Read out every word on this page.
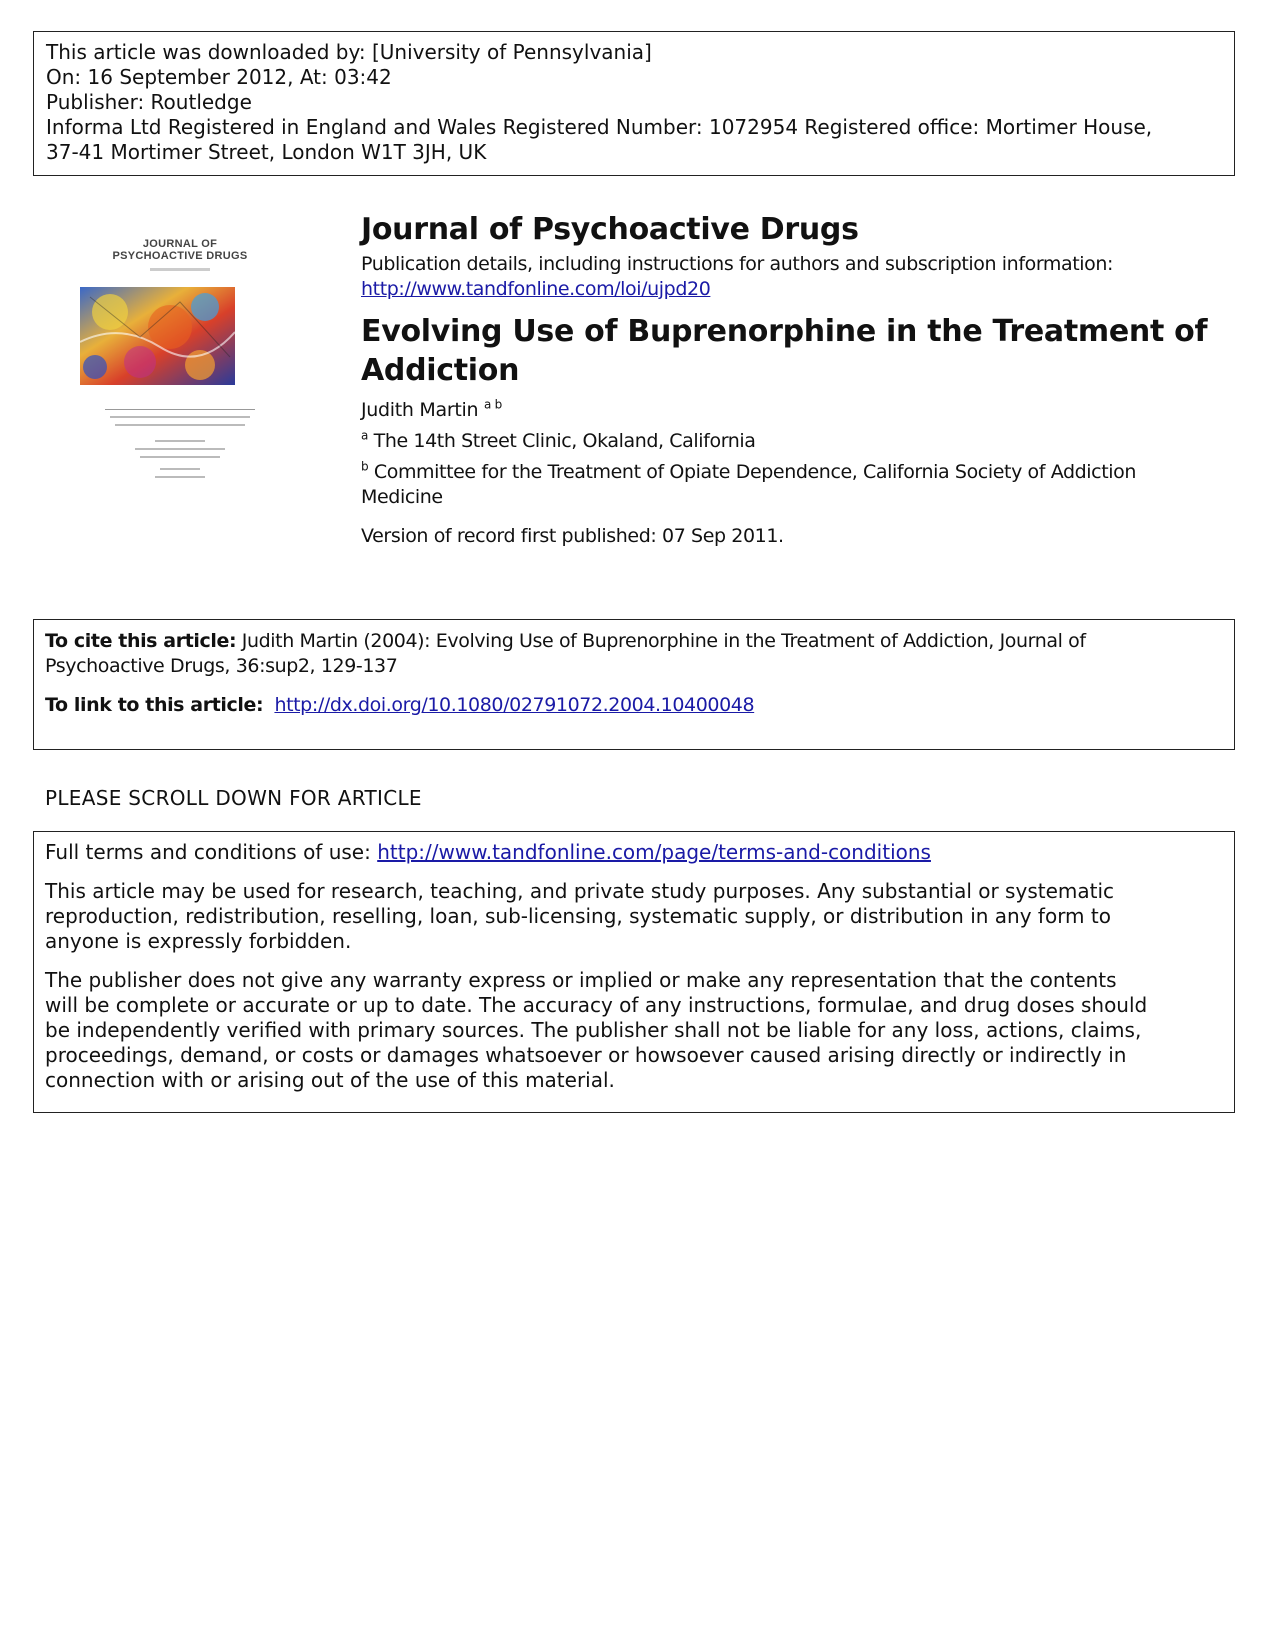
This article was downloaded by: [University of Pennsylvania]
On: 16 September 2012, At: 03:42
Publisher: Routledge
Informa Ltd Registered in England and Wales Registered Number: 1072954 Registered office: Mortimer House,
37-41 Mortimer Street, London W1T 3JH, UK
JOURNAL OF
PSYCHOACTIVE DRUGS
Journal of Psychoactive Drugs
Publication details, including instructions for authors and subscription information:
http://www.tandfonline.com/loi/ujpd20
Evolving Use of Buprenorphine in the Treatment of
Addiction
Judith Martin $^{a b}$
$^a$ The 14th Street Clinic, Okaland, California
$^b$ Committee for the Treatment of Opiate Dependence, California Society of Addiction
Medicine
Version of record first published: 07 Sep 2011.
To cite this article: Judith Martin (2004): Evolving Use of Buprenorphine in the Treatment of Addiction, Journal of
Psychoactive Drugs, 36:sup2, 129-137
To link to this article: http://dx.doi.org/10.1080/02791072.2004.10400048
PLEASE SCROLL DOWN FOR ARTICLE

Full terms and conditions of use: http://www.tandfonline.com/page/terms-and-conditions

This article may be used for research, teaching, and private study purposes. Any substantial or systematic
reproduction, redistribution, reselling, loan, sub-licensing, systematic supply, or distribution in any form to
anyone is expressly forbidden.

The publisher does not give any warranty express or implied or make any representation that the contents
will be complete or accurate or up to date. The accuracy of any instructions, formulae, and drug doses should
be independently verified with primary sources. The publisher shall not be liable for any loss, actions, claims,
proceedings, demand, or costs or damages whatsoever or howsoever caused arising directly or indirectly in
connection with or arising out of the use of this material.
